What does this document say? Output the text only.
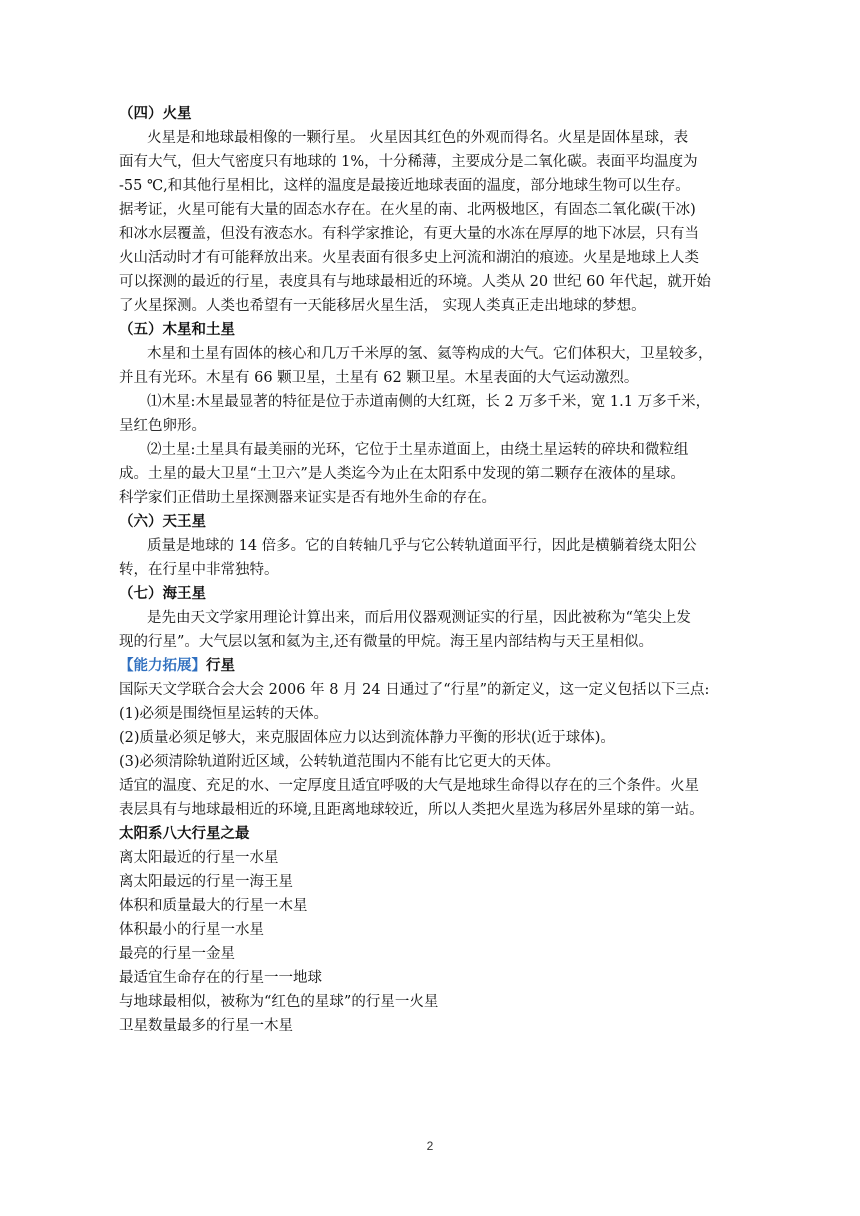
（四）火星
火星是和地球最相像的一颗行星。 火星因其红色的外观而得名。火星是固体星球，表
面有大气，但大气密度只有地球的 1%，十分稀薄，主要成分是二氧化碳。表面平均温度为
-55 ℃,和其他行星相比，这样的温度是最接近地球表面的温度，部分地球生物可以生存。
据考证，火星可能有大量的固态水存在。在火星的南、北两极地区，有固态二氧化碳(干冰)
和冰水层覆盖，但没有液态水。有科学家推论，有更大量的水冻在厚厚的地下冰层，只有当
火山活动时才有可能释放出来。火星表面有很多史上河流和湖泊的痕迹。火星是地球上人类
可以探测的最近的行星，表度具有与地球最相近的环境。人类从 20 世纪 60 年代起，就开始
了火星探测。人类也希望有一天能移居火星生活， 实现人类真正走出地球的梦想。
（五）木星和土星
木星和土星有固体的核心和几万千米厚的氢、氦等构成的大气。它们体积大，卫星较多，
并且有光环。木星有 66 颗卫星，土星有 62 颗卫星。木星表面的大气运动激烈。
⑴木星:木星最显著的特征是位于赤道南侧的大红斑，长 2 万多千米，宽 1.1 万多千米，
呈红色卵形。
⑵土星:土星具有最美丽的光环，它位于土星赤道面上，由绕土星运转的碎块和微粒组
成。土星的最大卫星“土卫六”是人类迄今为止在太阳系中发现的第二颗存在液体的星球。
科学家们正借助土星探测器来证实是否有地外生命的存在。
（六）天王星
质量是地球的 14 倍多。它的自转轴几乎与它公转轨道面平行，因此是横躺着绕太阳公
转，在行星中非常独特。
（七）海王星
是先由天文学家用理论计算出来，而后用仪器观测证实的行星，因此被称为“笔尖上发
现的行星”。大气层以氢和氦为主,还有微量的甲烷。海王星内部结构与天王星相似。
【能力拓展】行星
国际天文学联合会大会 2006 年 8 月 24 日通过了“行星”的新定义，这一定义包括以下三点:
(1)必须是围绕恒星运转的天体。
(2)质量必须足够大，来克服固体应力以达到流体静力平衡的形状(近于球体)。
(3)必须清除轨道附近区域，公转轨道范围内不能有比它更大的天体。
适宜的温度、充足的水、一定厚度且适宜呼吸的大气是地球生命得以存在的三个条件。火星
表层具有与地球最相近的环境,且距离地球较近，所以人类把火星选为移居外星球的第一站。
太阳系八大行星之最
离太阳最近的行星一水星
离太阳最远的行星一海王星
体积和质量最大的行星一木星
体积最小的行星一水星
最亮的行星一金星
最适宜生命存在的行星一一地球
与地球最相似，被称为“红色的星球”的行星一火星
卫星数量最多的行星一木星
2
